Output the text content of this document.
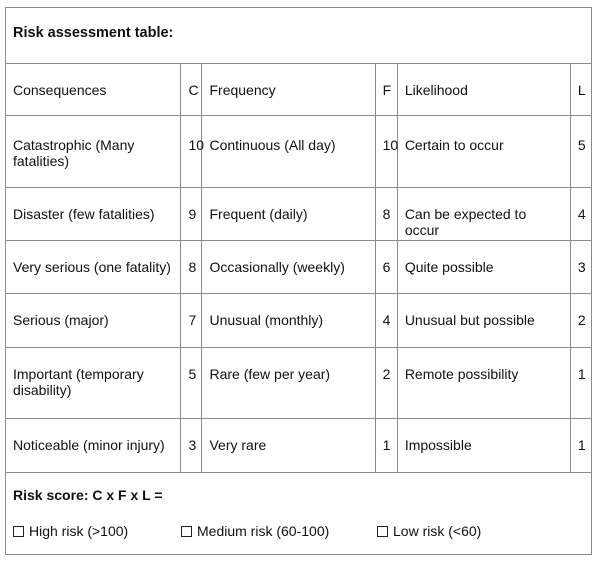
Risk assessment table:
Consequences	C	Frequency	F	Likelihood	L
Catastrophic (Many fatalities)	10	Continuous (All day)	10	Certain to occur	5
Disaster (few fatalities)	9	Frequent (daily)	8	Can be expected to occur	4
Very serious (one fatality)	8	Occasionally (weekly)	6	Quite possible	3
Serious (major)	7	Unusual (monthly)	4	Unusual but possible	2
Important (temporary disability)	5	Rare (few per year)	2	Remote possibility	1
Noticeable (minor injury)	3	Very rare	1	Impossible	1
Risk score: C x F x L =
High risk (>100)	Medium risk (60-100)	Low risk (<60)
